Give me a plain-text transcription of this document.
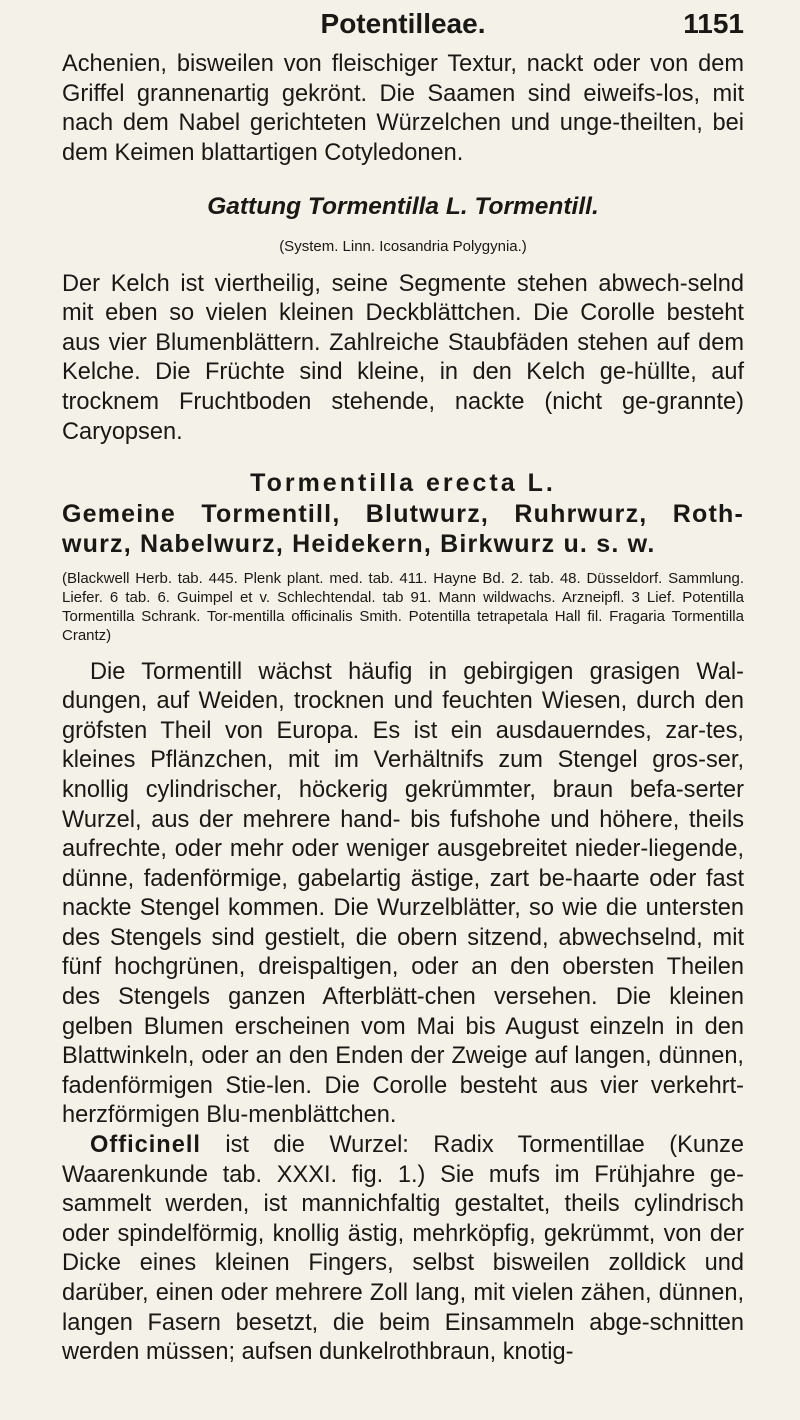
Potentilleae.	1151

Achenien, bisweilen von fleischiger Textur, nackt oder von dem Griffel grannenartig gekrönt. Die Saamen sind eiweifs-los, mit nach dem Nabel gerichteten Würzelchen und unge-theilten, bei dem Keimen blattartigen Cotyledonen.

Gattung Tormentilla L. Tormentill.
(System. Linn. Icosandria Polygynia.)

Der Kelch ist viertheilig, seine Segmente stehen abwech-selnd mit eben so vielen kleinen Deckblättchen. Die Corolle besteht aus vier Blumenblättern. Zahlreiche Staubfäden stehen auf dem Kelche. Die Früchte sind kleine, in den Kelch ge-hüllte, auf trocknem Fruchtboden stehende, nackte (nicht ge-grannte) Caryopsen.

Tormentilla erecta L.
Gemeine Tormentill, Blutwurz, Ruhrwurz, Roth-wurz, Nabelwurz, Heidekern, Birkwurz u. s. w.
(Blackwell Herb. tab. 445. Plenk plant. med. tab. 411. Hayne Bd. 2. tab. 48. Düsseldorf. Sammlung. Liefer. 6 tab. 6. Guimpel et v. Schlechtendal. tab 91. Mann wildwachs. Arzneipfl. 3 Lief. Potentilla Tormentilla Schrank. Tor-mentilla officinalis Smith. Potentilla tetrapetala Hall fil. Fragaria Tormentilla Crantz)

Die Tormentill wächst häufig in gebirgigen grasigen Wal-dungen, auf Weiden, trocknen und feuchten Wiesen, durch den gröfsten Theil von Europa. Es ist ein ausdauerndes, zar-tes, kleines Pflänzchen, mit im Verhältnifs zum Stengel gros-ser, knollig cylindrischer, höckerig gekrümmter, braun befa-serter Wurzel, aus der mehrere hand- bis fufshohe und höhere, theils aufrechte, oder mehr oder weniger ausgebreitet nieder-liegende, dünne, fadenförmige, gabelartig ästige, zart be-haarte oder fast nackte Stengel kommen. Die Wurzelblätter, so wie die untersten des Stengels sind gestielt, die obern sitzend, abwechselnd, mit fünf hochgrünen, dreispaltigen, oder an den obersten Theilen des Stengels ganzen Afterblätt-chen versehen. Die kleinen gelben Blumen erscheinen vom Mai bis August einzeln in den Blattwinkeln, oder an den Enden der Zweige auf langen, dünnen, fadenförmigen Stie-len. Die Corolle besteht aus vier verkehrt-herzförmigen Blu-menblättchen.

Officinell ist die Wurzel: Radix Tormentillae (Kunze Waarenkunde tab. XXXI. fig. 1.) Sie mufs im Frühjahre ge-sammelt werden, ist mannichfaltig gestaltet, theils cylindrisch oder spindelförmig, knollig ästig, mehrköpfig, gekrümmt, von der Dicke eines kleinen Fingers, selbst bisweilen zolldick und darüber, einen oder mehrere Zoll lang, mit vielen zähen, dünnen, langen Fasern besetzt, die beim Einsammeln abge-schnitten werden müssen; aufsen dunkelrothbraun, knotig-
